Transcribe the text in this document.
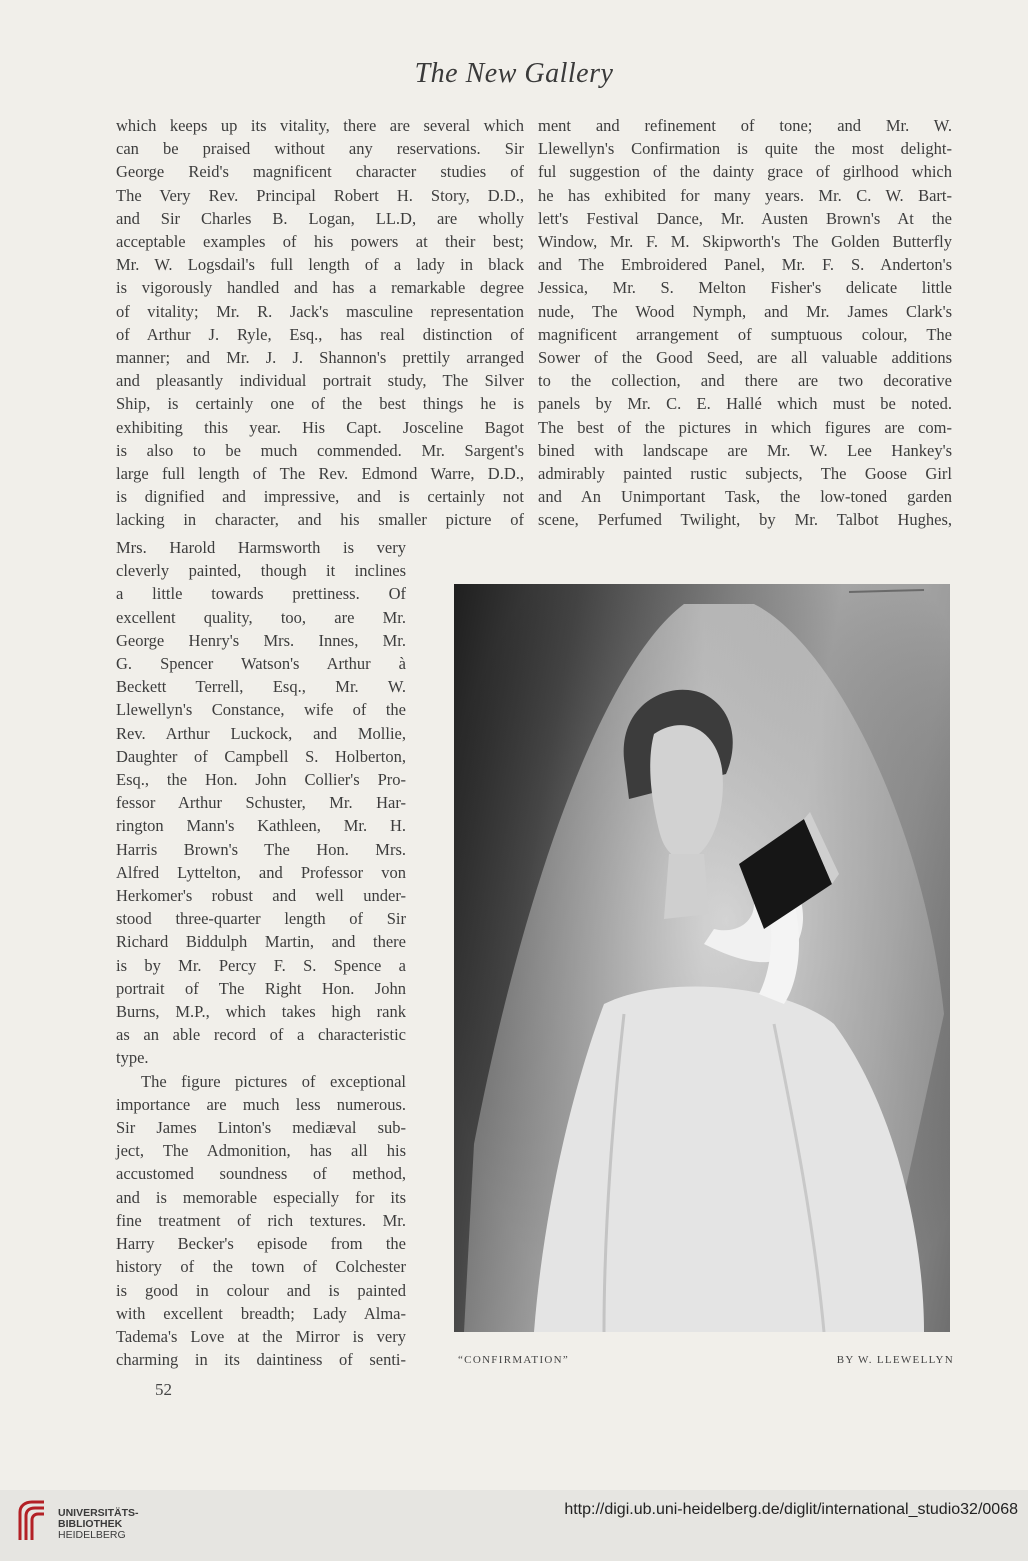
The New Gallery

which keeps up its vitality, there are several which

can be praised without any reservations. Sir

George Reid's magnificent character studies of

The Very Rev. Principal Robert H. Story, D.D.,

and Sir Charles B. Logan, LL.D, are wholly

acceptable examples of his powers at their best;

Mr. W. Logsdail's full length of a lady in black

is vigorously handled and has a remarkable degree

of vitality; Mr. R. Jack's masculine representation

of Arthur J. Ryle, Esq., has real distinction of

manner; and Mr. J. J. Shannon's prettily arranged

and pleasantly individual portrait study, The Silver

Ship, is certainly one of the best things he is

exhibiting this year. His Capt. Josceline Bagot

is also to be much commended. Mr. Sargent's

large full length of The Rev. Edmond Warre, D.D.,

is dignified and impressive, and is certainly not

lacking in character, and his smaller picture of

Mrs. Harold Harmsworth is very

cleverly painted, though it inclines

a little towards prettiness. Of

excellent quality, too, are Mr.

George Henry's Mrs. Innes, Mr.

G. Spencer Watson's Arthur à

Beckett Terrell, Esq., Mr. W.

Llewellyn's Constance, wife of the

Rev. Arthur Luckock, and Mollie,

Daughter of Campbell S. Holberton,

Esq., the Hon. John Collier's Pro-

fessor Arthur Schuster, Mr. Har-

rington Mann's Kathleen, Mr. H.

Harris Brown's The Hon. Mrs.

Alfred Lyttelton, and Professor von

Herkomer's robust and well under-

stood three-quarter length of Sir

Richard Biddulph Martin, and there

is by Mr. Percy F. S. Spence a

portrait of The Right Hon. John

Burns, M.P., which takes high rank

as an able record of a characteristic

type.

The figure pictures of exceptional

importance are much less numerous.

Sir James Linton's mediæval sub-

ject, The Admonition, has all his

accustomed soundness of method,

and is memorable especially for its

fine treatment of rich textures. Mr.

Harry Becker's episode from the

history of the town of Colchester

is good in colour and is painted

with excellent breadth; Lady Alma-

Tadema's Love at the Mirror is very

charming in its daintiness of senti-

ment and refinement of tone; and Mr. W.

Llewellyn's Confirmation is quite the most delight-

ful suggestion of the dainty grace of girlhood which

he has exhibited for many years. Mr. C. W. Bart-

lett's Festival Dance, Mr. Austen Brown's At the

Window, Mr. F. M. Skipworth's The Golden Butterfly

and The Embroidered Panel, Mr. F. S. Anderton's

Jessica, Mr. S. Melton Fisher's delicate little

nude, The Wood Nymph, and Mr. James Clark's

magnificent arrangement of sumptuous colour, The

Sower of the Good Seed, are all valuable additions

to the collection, and there are two decorative

panels by Mr. C. E. Hallé which must be noted.

The best of the pictures in which figures are com-

bined with landscape are Mr. W. Lee Hankey's

admirably painted rustic subjects, The Goose Girl

and An Unimportant Task, the low-toned garden

scene, Perfumed Twilight, by Mr. Talbot Hughes,

“CONFIRMATION”	BY W. LLEWELLYN
52
UNIVERSITÄTS-
BIBLIOTHEK
HEIDELBERG
http://digi.ub.uni-heidelberg.de/diglit/international_studio32/0068
